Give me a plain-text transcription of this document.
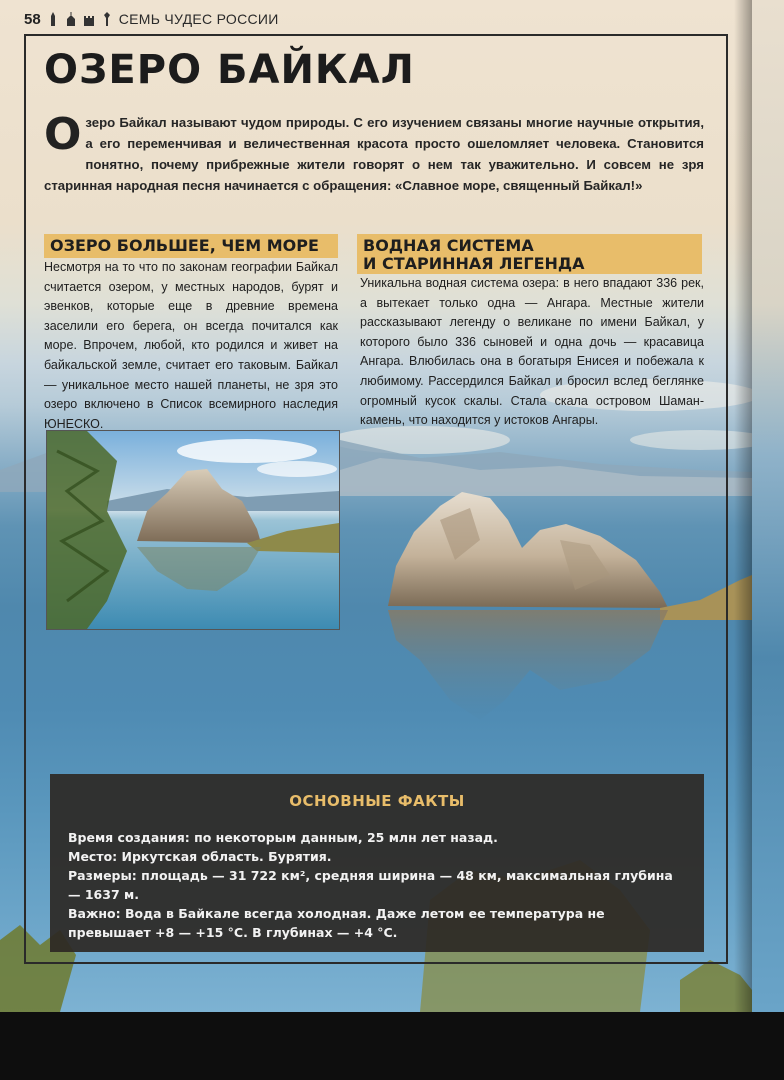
58	СЕМЬ ЧУДЕС РОССИИ
ОЗЕРО БАЙКАЛ
Озеро Байкал называют чудом природы. С его изучением связаны многие научные открытия, а его переменчивая и величественная красота просто ошеломляет человека. Становится понятно, почему прибрежные жители говорят о нем так уважительно. И совсем не зря старинная народная песня начинается с обращения: «Славное море, священный Байкал!»
ОЗЕРО БОЛЬШЕЕ, ЧЕМ МОРЕ
Несмотря на то что по законам географии Байкал считается озером, у местных народов, бурят и эвенков, которые еще в древние времена заселили его берега, он всегда почитался как море. Впрочем, любой, кто родился и живет на байкальской земле, считает его таковым. Байкал — уникальное место нашей планеты, не зря это озеро включено в Список всемирного наследия ЮНЕСКО.
ВОДНАЯ СИСТЕМА
И СТАРИННАЯ ЛЕГЕНДА
Уникальна водная система озера: в него впадают 336 рек, а вытекает только одна — Ангара. Местные жители рассказывают легенду о великане по имени Байкал, у которого было 336 сыновей и одна дочь — красавица Ангара. Влюбилась она в богатыря Енисея и побежала к любимому. Рассердился Байкал и бросил вслед беглянке огромный кусок скалы. Стала скала островом Шаман-камень, что находится у истоков Ангары.
ОСНОВНЫЕ ФАКТЫ
Время создания: по некоторым данным, 25 млн лет назад.
Место: Иркутская область. Бурятия.
Размеры: площадь — 31 722 км², средняя ширина — 48 км, максимальная глубина — 1637 м.
Важно: Вода в Байкале всегда холодная. Даже летом ее температура не превышает +8 — +15 °С. В глубинах — +4 °С.
